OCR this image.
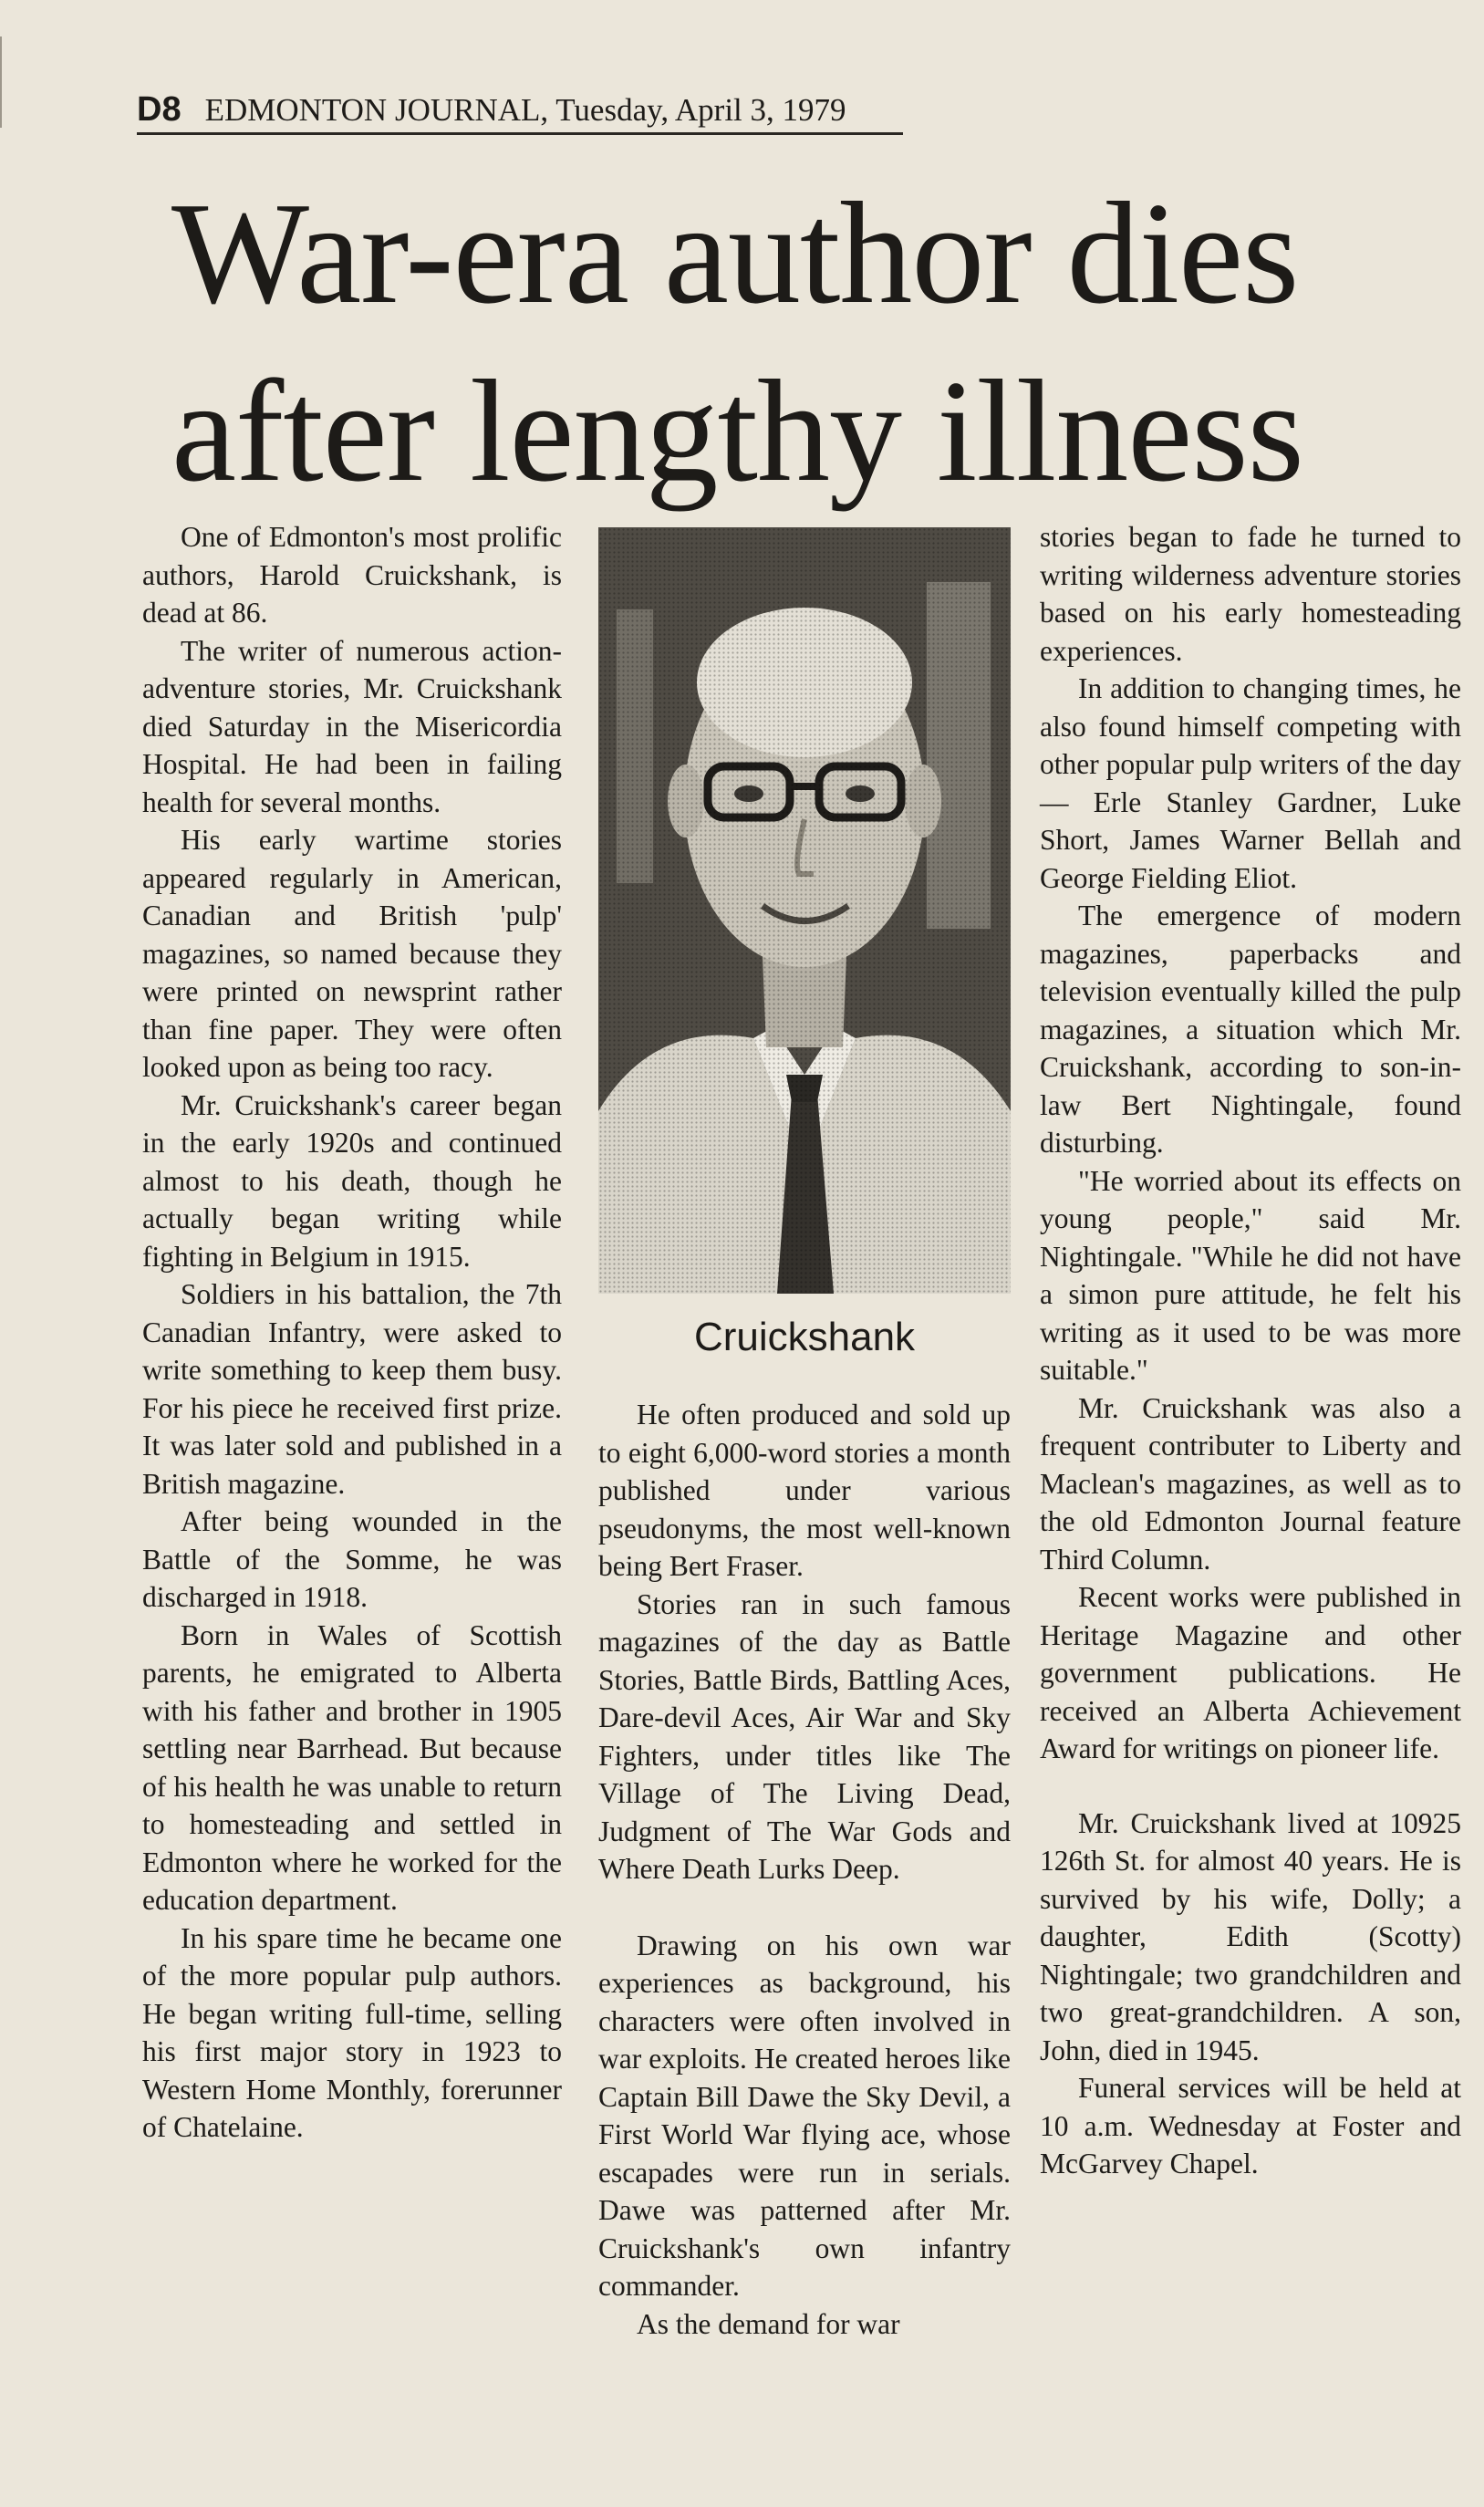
D8 EDMONTON JOURNAL, Tuesday, April 3, 1979
War-era author dies
after lengthy illness

One of Edmonton's most prolific authors, Harold Cruickshank, is dead at 86.

The writer of numerous action-adventure stories, Mr. Cruickshank died Saturday in the Misericordia Hospital. He had been in failing health for several months.

His early wartime stories appeared regularly in American, Canadian and British 'pulp' magazines, so named because they were printed on newsprint rather than fine paper. They were often looked upon as being too racy.

Mr. Cruickshank's career began in the early 1920s and continued almost to his death, though he actually began writing while fighting in Belgium in 1915.

Soldiers in his battalion, the 7th Canadian Infantry, were asked to write something to keep them busy. For his piece he received first prize. It was later sold and published in a British magazine.

After being wounded in the Battle of the Somme, he was discharged in 1918.

Born in Wales of Scottish parents, he emigrated to Alberta with his father and brother in 1905 settling near Barrhead. But because of his health he was unable to return to homesteading and settled in Edmonton where he worked for the education department.

In his spare time he became one of the more popular pulp authors. He began writing full-time, selling his first major story in 1923 to Western Home Monthly, forerunner of Chatelaine.

Cruickshank

He often produced and sold up to eight 6,000-word stories a month published under various pseudonyms, the most well-known being Bert Fraser.

Stories ran in such famous magazines of the day as Battle Stories, Battle Birds, Battling Aces, Dare-devil Aces, Air War and Sky Fighters, under titles like The Village of The Living Dead, Judgment of The War Gods and Where Death Lurks Deep.

Drawing on his own war experiences as background, his characters were often involved in war exploits. He created heroes like Captain Bill Dawe the Sky Devil, a First World War flying ace, whose escapades were run in serials. Dawe was patterned after Mr. Cruickshank's own infantry commander.

As the demand for war

stories began to fade he turned to writing wilderness adventure stories based on his early homesteading experiences.

In addition to changing times, he also found himself competing with other popular pulp writers of the day — Erle Stanley Gardner, Luke Short, James Warner Bellah and George Fielding Eliot.

The emergence of modern magazines, paperbacks and television eventually killed the pulp magazines, a situation which Mr. Cruickshank, according to son-in-law Bert Nightingale, found disturbing.

"He worried about its effects on young people," said Mr. Nightingale. "While he did not have a simon pure attitude, he felt his writing as it used to be was more suitable."

Mr. Cruickshank was also a frequent contributer to Liberty and Maclean's magazines, as well as to the old Edmonton Journal feature Third Column.

Recent works were published in Heritage Magazine and other government publications. He received an Alberta Achievement Award for writings on pioneer life.

Mr. Cruickshank lived at 10925 126th St. for almost 40 years. He is survived by his wife, Dolly; a daughter, Edith (Scotty) Nightingale; two grandchildren and two great-grandchildren. A son, John, died in 1945.

Funeral services will be held at 10 a.m. Wednesday at Foster and McGarvey Chapel.
